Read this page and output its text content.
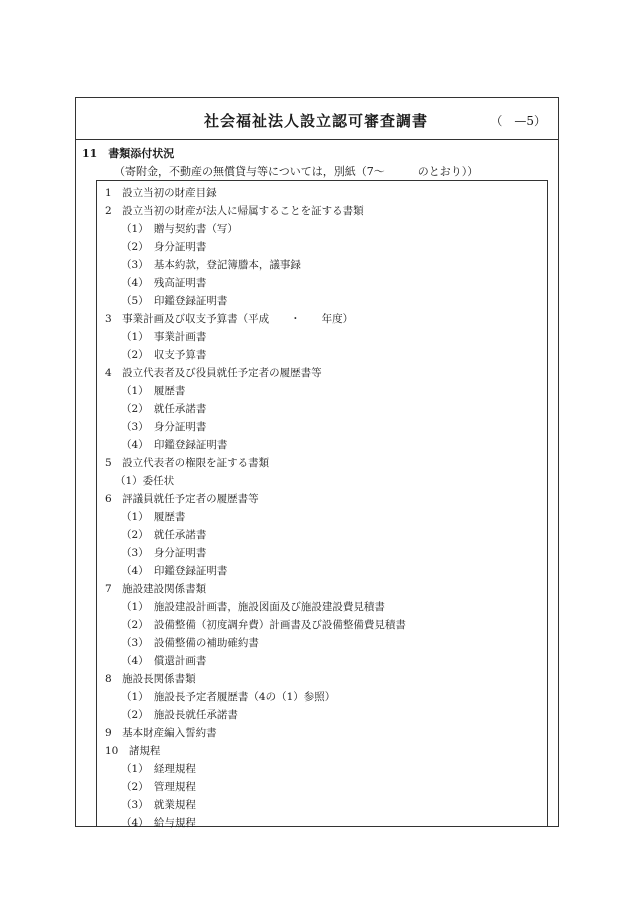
社会福祉法人設立認可審査調書	（　—5）
11　書類添付状況
（寄附金，不動産の無償貸与等については，別紙（7～　　　のとおり））
1　設立当初の財産目録
2　設立当初の財産が法人に帰属することを証する書類
（1）　贈与契約書（写）
（2）　身分証明書
（3）　基本約款，登記簿謄本，議事録
（4）　残高証明書
（5）　印鑑登録証明書
3　事業計画及び収支予算書（平成　　・　　年度）
（1）　事業計画書
（2）　収支予算書
4　設立代表者及び役員就任予定者の履歴書等
（1）　履歴書
（2）　就任承諾書
（3）　身分証明書
（4）　印鑑登録証明書
5　設立代表者の権限を証する書類
（1）委任状
6　評議員就任予定者の履歴書等
（1）　履歴書
（2）　就任承諾書
（3）　身分証明書
（4）　印鑑登録証明書
7　施設建設関係書類
（1）　施設建設計画書，施設図面及び施設建設費見積書
（2）　設備整備（初度調弁費）計画書及び設備整備費見積書
（3）　設備整備の補助確約書
（4）　償還計画書
8　施設長関係書類
（1）　施設長予定者履歴書（4の（1）参照）
（2）　施設長就任承諾書
9　基本財産編入誓約書
10　諸規程
（1）　経理規程
（2）　管理規程
（3）　就業規程
（4）　給与規程
